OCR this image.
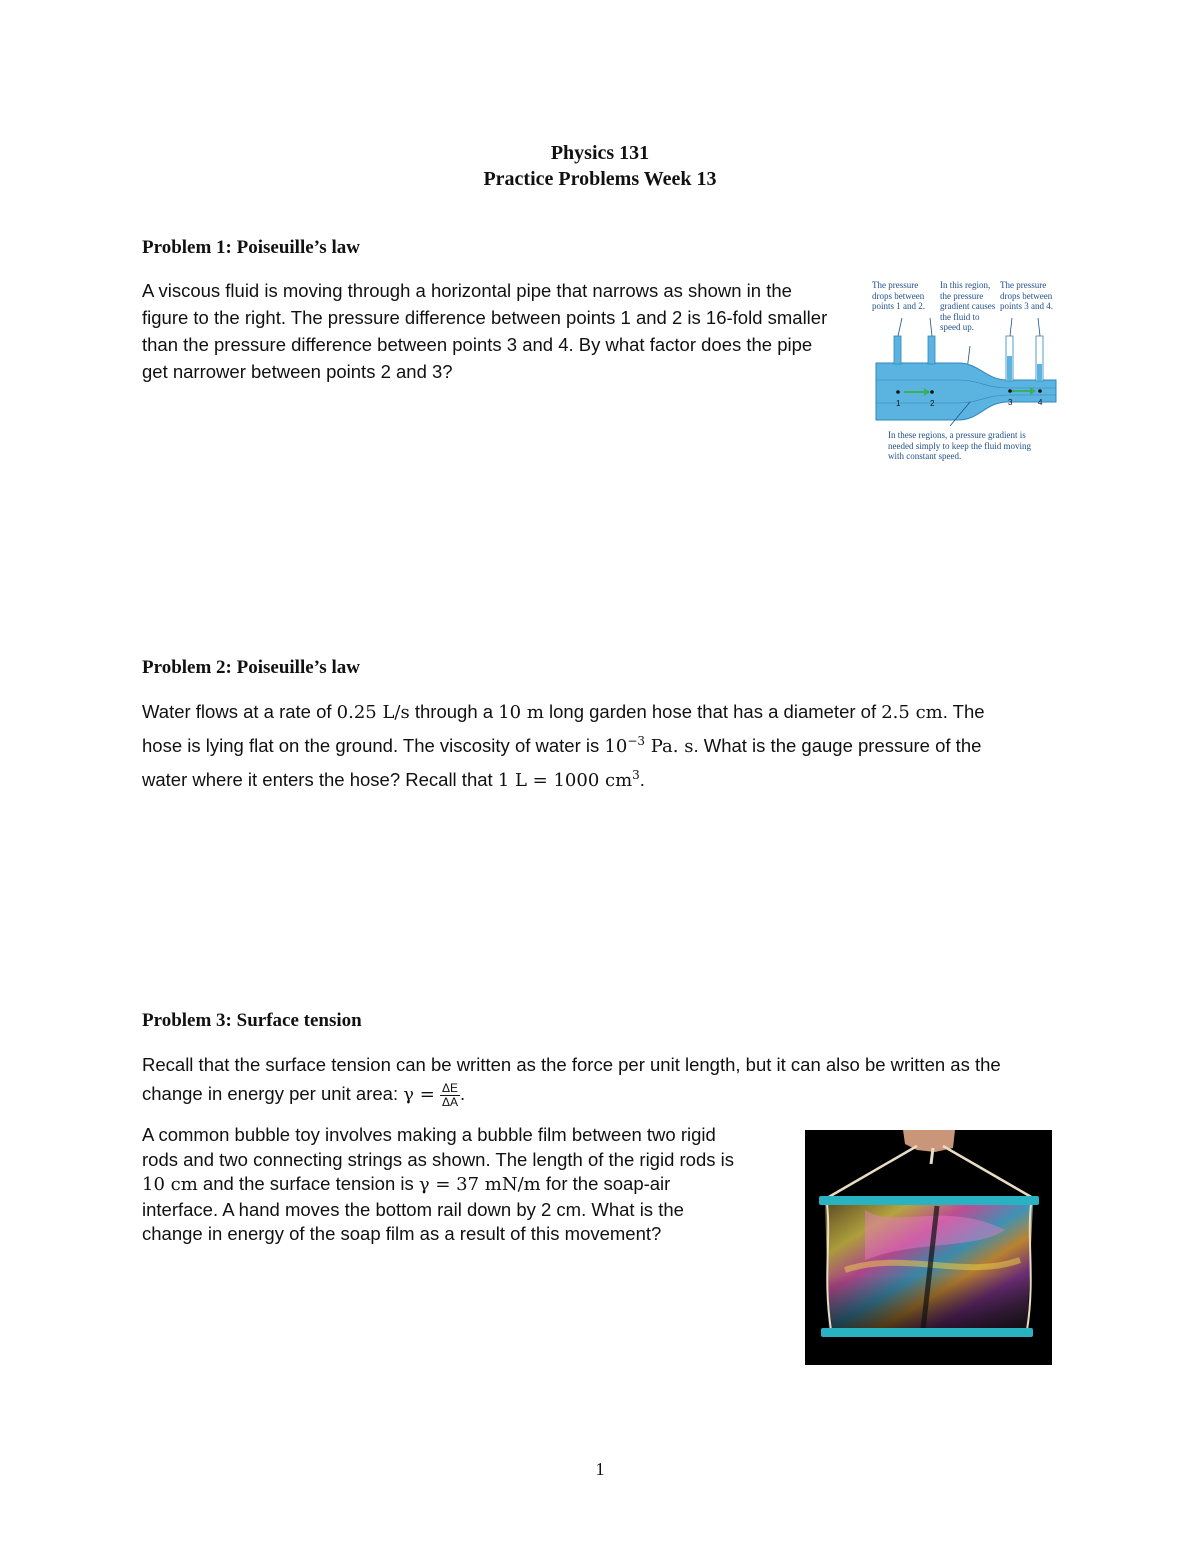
Physics 131
Practice Problems Week 13
Problem 1: Poiseuille’s law
A viscous fluid is moving through a horizontal pipe that narrows as shown in the
figure to the right. The pressure difference between points 1 and 2 is 16-fold smaller
than the pressure difference between points 3 and 4. By what factor does the pipe
get narrower between points 2 and 3?
The pressure drops between points 1 and 2.
In this region, the pressure gradient causes the fluid to speed up.
The pressure drops between points 3 and 4.
1	2	3	4
In these regions, a pressure gradient is needed simply to keep the fluid moving with constant speed.
Problem 2: Poiseuille’s law
Water flows at a rate of 0.25 L/s through a 10 m long garden hose that has a diameter of 2.5 cm. The
hose is lying flat on the ground. The viscosity of water is $10^{-3}$ Pa. s. What is the gauge pressure of the
water where it enters the hose? Recall that 1 L = 1000 $cm^3$.
Problem 3: Surface tension
Recall that the surface tension can be written as the force per unit length, but it can also be written as the
change in energy per unit area: $\gamma = \frac{\Delta E}{\Delta A}$ .
A common bubble toy involves making a bubble film between two rigid
rods and two connecting strings as shown. The length of the rigid rods is
10 cm and the surface tension is γ = 37 mN/m for the soap-air
interface. A hand moves the bottom rail down by 2 cm. What is the
change in energy of the soap film as a result of this movement?
1
